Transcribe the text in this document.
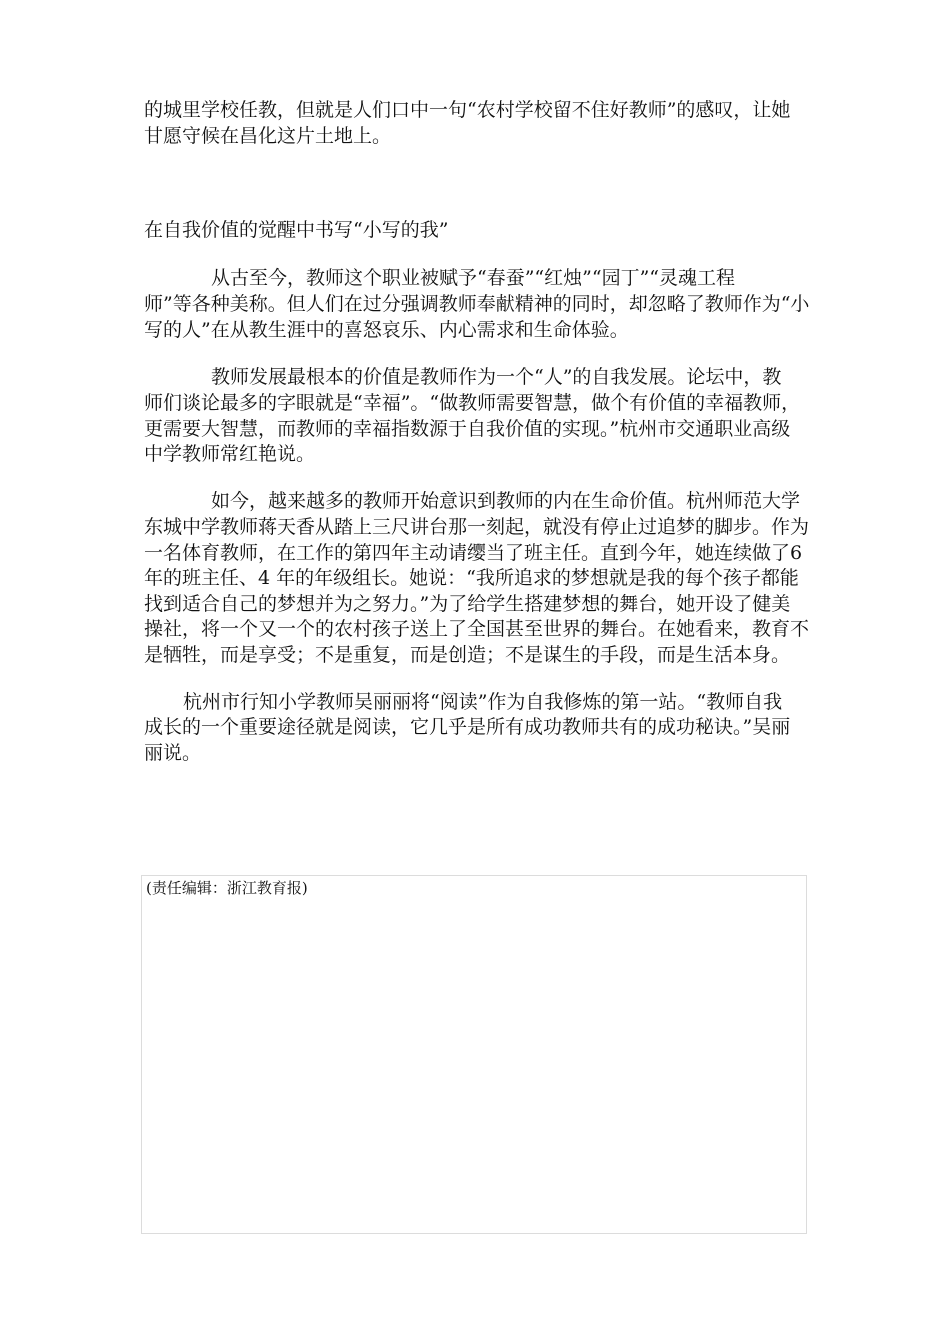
的城里学校任教，但就是人们口中一句“农村学校留不住好教师”的感叹，让她
甘愿守候在昌化这片土地上。
在自我价值的觉醒中书写“小写的我”
从古至今，教师这个职业被赋予“春蚕”“红烛”“园丁”“灵魂工程
师”等各种美称。但人们在过分强调教师奉献精神的同时，却忽略了教师作为“小
写的人”在从教生涯中的喜怒哀乐、内心需求和生命体验。
教师发展最根本的价值是教师作为一个“人”的自我发展。论坛中，教
师们谈论最多的字眼就是“幸福”。“做教师需要智慧，做个有价值的幸福教师，
更需要大智慧，而教师的幸福指数源于自我价值的实现。”杭州市交通职业高级
中学教师常红艳说。
如今，越来越多的教师开始意识到教师的内在生命价值。杭州师范大学
东城中学教师蒋天香从踏上三尺讲台那一刻起，就没有停止过追梦的脚步。作为
一名体育教师，在工作的第四年主动请缨当了班主任。直到今年，她连续做了6
年的班主任、4 年的年级组长。她说：“我所追求的梦想就是我的每个孩子都能
找到适合自己的梦想并为之努力。”为了给学生搭建梦想的舞台，她开设了健美
操社，将一个又一个的农村孩子送上了全国甚至世界的舞台。在她看来，教育不
是牺牲，而是享受；不是重复，而是创造；不是谋生的手段，而是生活本身。
杭州市行知小学教师吴丽丽将“阅读”作为自我修炼的第一站。“教师自我
成长的一个重要途径就是阅读，它几乎是所有成功教师共有的成功秘诀。”吴丽
丽说。
(责任编辑：浙江教育报)
